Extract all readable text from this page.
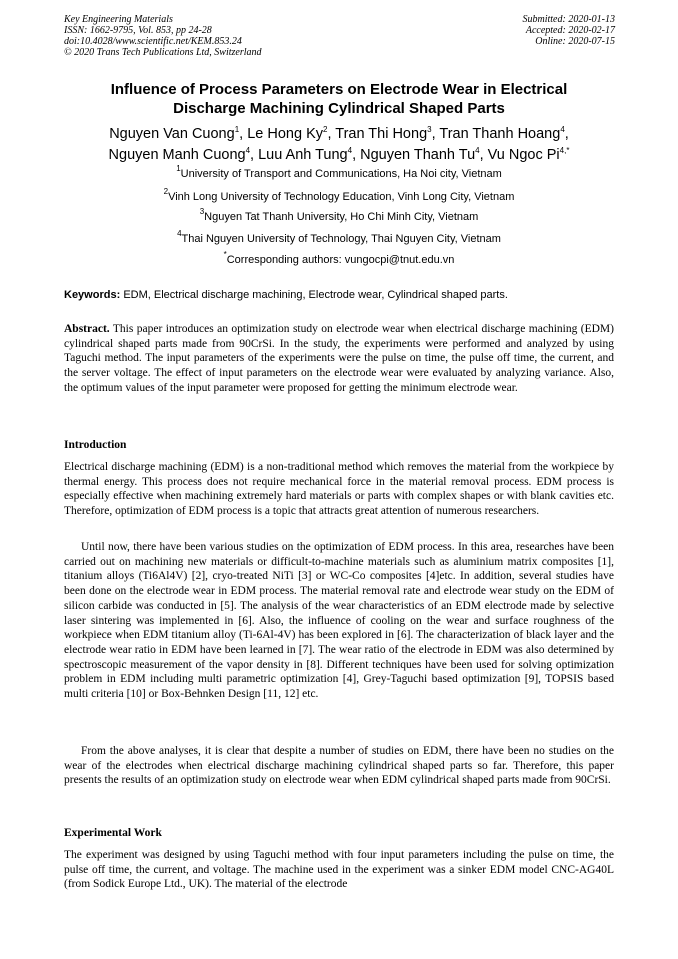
Key Engineering Materials
ISSN: 1662-9795, Vol. 853, pp 24-28
doi:10.4028/www.scientific.net/KEM.853.24
© 2020 Trans Tech Publications Ltd, Switzerland
Submitted: 2020-01-13
Accepted: 2020-02-17
Online: 2020-07-15
Influence of Process Parameters on Electrode Wear in Electrical
Discharge Machining Cylindrical Shaped Parts
Nguyen Van Cuong$^1$, Le Hong Ky$^2$, Tran Thi Hong$^3$, Tran Thanh Hoang$^4$,
Nguyen Manh Cuong$^4$, Luu Anh Tung$^4$, Nguyen Thanh Tu$^4$, Vu Ngoc $Pi^{4,*}$
$^1$University of Transport and Communications, Ha Noi city, Vietnam
$^2$Vinh Long University of Technology Education, Vinh Long City, Vietnam
$^3$Nguyen Tat Thanh University, Ho Chi Minh City, Vietnam
$^4$Thai Nguyen University of Technology, Thai Nguyen City, Vietnam
*Corresponding authors: vungocpi@tnut.edu.vn
Keywords: EDM, Electrical discharge machining, Electrode wear, Cylindrical shaped parts.

Abstract. This paper introduces an optimization study on electrode wear when electrical discharge machining (EDM) cylindrical shaped parts made from 90CrSi. In the study, the experiments were performed and analyzed by using Taguchi method. The input parameters of the experiments were the pulse on time, the pulse off time, the current, and the server voltage. The effect of input parameters on the electrode wear were evaluated by analyzing variance. Also, the optimum values of the input parameter were proposed for getting the minimum electrode wear.

Introduction

Electrical discharge machining (EDM) is a non-traditional method which removes the material from the workpiece by thermal energy. This process does not require mechanical force in the material removal process. EDM process is especially effective when machining extremely hard materials or parts with complex shapes or with blank cavities etc. Therefore, optimization of EDM process is a topic that attracts great attention of numerous researchers.

Until now, there have been various studies on the optimization of EDM process. In this area, researches have been carried out on machining new materials or difficult-to-machine materials such as aluminium matrix composites [1], titanium alloys (Ti6Al4V) [2], cryo-treated NiTi [3] or WC-Co composites [4]etc. In addition, several studies have been done on the electrode wear in EDM process. The material removal rate and electrode wear study on the EDM of silicon carbide was conducted in [5]. The analysis of the wear characteristics of an EDM electrode made by selective laser sintering was implemented in [6]. Also, the influence of cooling on the wear and surface roughness of the workpiece when EDM titanium alloy (Ti-6Al-4V) has been explored in [6]. The characterization of black layer and the electrode wear ratio in EDM have been learned in [7]. The wear ratio of the electrode in EDM was also determined by spectroscopic measurement of the vapor density in [8]. Different techniques have been used for solving optimization problem in EDM including multi parametric optimization [4], Grey-Taguchi based optimization [9], TOPSIS based multi criteria [10] or Box-Behnken Design [11, 12] etc.

From the above analyses, it is clear that despite a number of studies on EDM, there have been no studies on the wear of the electrodes when electrical discharge machining cylindrical shaped parts so far. Therefore, this paper presents the results of an optimization study on electrode wear when EDM cylindrical shaped parts made from 90CrSi.

Experimental Work

The experiment was designed by using Taguchi method with four input parameters including the pulse on time, the pulse off time, the current, and voltage. The machine used in the experiment was a sinker EDM model CNC-AG40L (from Sodick Europe Ltd., UK). The material of the electrode
